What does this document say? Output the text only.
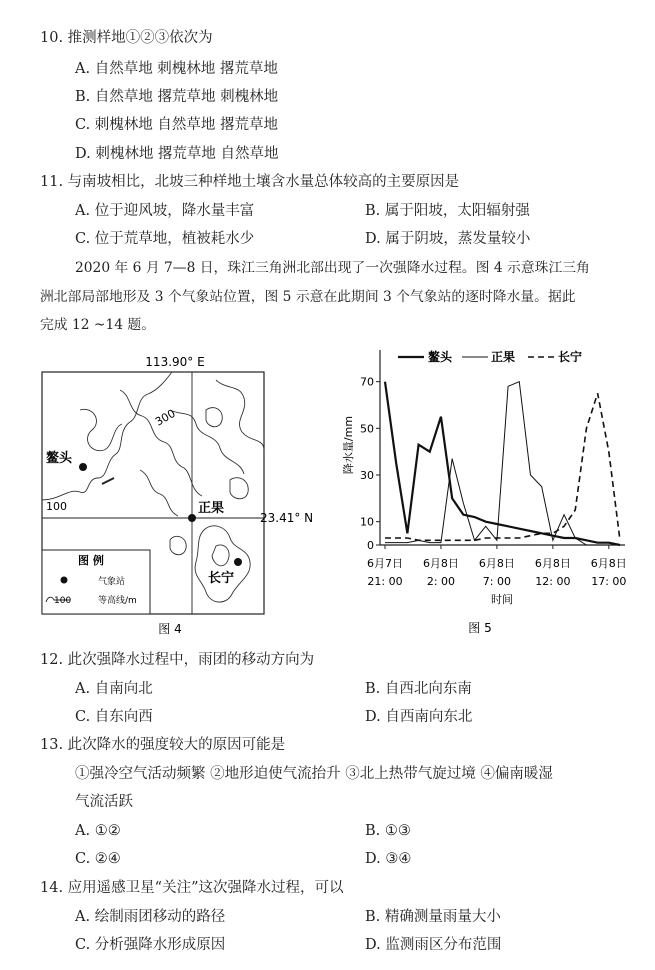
10. 推测样地①②③依次为
A. 自然草地 刺槐林地 撂荒草地
B. 自然草地 撂荒草地 刺槐林地
C. 刺槐林地 自然草地 撂荒草地
D. 刺槐林地 撂荒草地 自然草地
11. 与南坡相比，北坡三种样地土壤含水量总体较高的主要原因是
A. 位于迎风坡，降水量丰富	B. 属于阳坡，太阳辐射强
C. 位于荒草地，植被耗水少	D. 属于阴坡，蒸发量较小
2020 年 6 月 7—8 日，珠江三角洲北部出现了一次强降水过程。图 4 示意珠江三角
洲北部局部地形及 3 个气象站位置，图 5 示意在此期间 3 个气象站的逐时降水量。据此
完成 12 ~14 题。
113.90° E
300
100
鳌头
正果
长宁
23.41° N
图 例
气象站
100	等高线/m
图 4
鳌头	正果	长宁
降水量/mm
时间
0
10
30
50
70
6月7日
21: 00
6月8日
2: 00
6月8日
7: 00
6月8日
12: 00
6月8日
17: 00
图 5
12. 此次强降水过程中，雨团的移动方向为
A. 自南向北	B. 自西北向东南
C. 自东向西	D. 自西南向东北
13. 此次降水的强度较大的原因可能是
①强冷空气活动频繁 ②地形迫使气流抬升 ③北上热带气旋过境 ④偏南暖湿
气流活跃
A. ①②	B. ①③
C. ②④	D. ③④
14. 应用遥感卫星“关注”这次强降水过程，可以
A. 绘制雨团移动的路径	B. 精确测量雨量大小
C. 分析强降水形成原因	D. 监测雨区分布范围
